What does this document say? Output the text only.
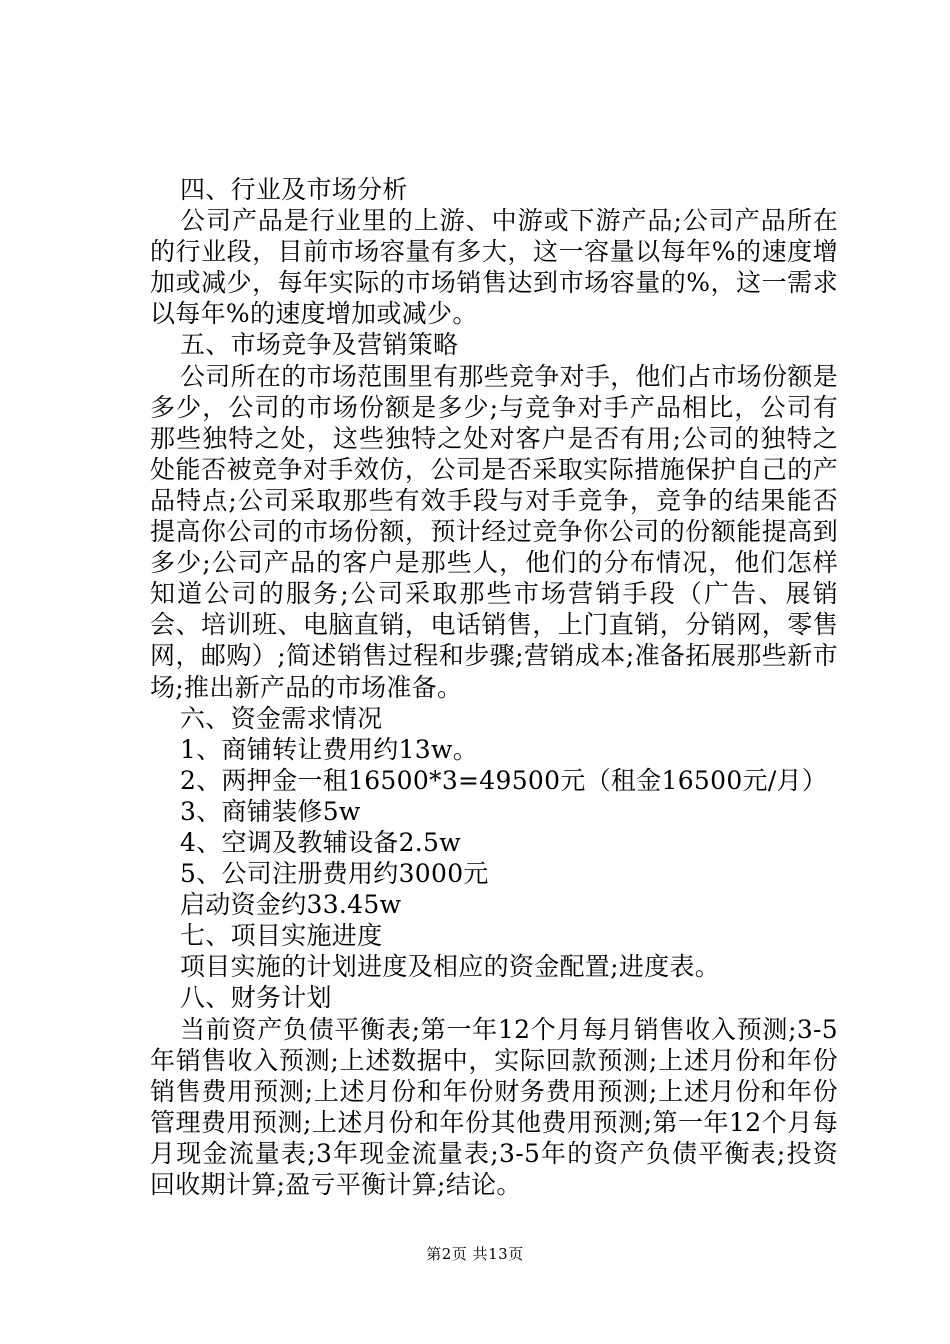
四、行业及市场分析

公司产品是行业里的上游、中游或下游产品;公司产品所在的行业段，目前市场容量有多大，这一容量以每年%的速度增加或减少，每年实际的市场销售达到市场容量的%，这一需求以每年%的速度增加或减少。

五、市场竞争及营销策略

公司所在的市场范围里有那些竞争对手，他们占市场份额是多少，公司的市场份额是多少;与竞争对手产品相比，公司有那些独特之处，这些独特之处对客户是否有用;公司的独特之处能否被竞争对手效仿，公司是否采取实际措施保护自己的产品特点;公司采取那些有效手段与对手竞争，竞争的结果能否提高你公司的市场份额，预计经过竞争你公司的份额能提高到多少;公司产品的客户是那些人，他们的分布情况，他们怎样知道公司的服务;公司采取那些市场营销手段（广告、展销会、培训班、电脑直销，电话销售，上门直销，分销网，零售网，邮购）;简述销售过程和步骤;营销成本;准备拓展那些新市场;推出新产品的市场准备。

六、资金需求情况

1、商铺转让费用约13w。

2、两押金一租16500*3=49500元（租金16500元/月）

3、商铺装修5w

4、空调及教辅设备2.5w

5、公司注册费用约3000元

启动资金约33.45w

七、项目实施进度

项目实施的计划进度及相应的资金配置;进度表。

八、财务计划

当前资产负债平衡表;第一年12个月每月销售收入预测;3-5年销售收入预测;上述数据中，实际回款预测;上述月份和年份销售费用预测;上述月份和年份财务费用预测;上述月份和年份管理费用预测;上述月份和年份其他费用预测;第一年12个月每月现金流量表;3年现金流量表;3-5年的资产负债平衡表;投资回收期计算;盈亏平衡计算;结论。

第2页 共13页
